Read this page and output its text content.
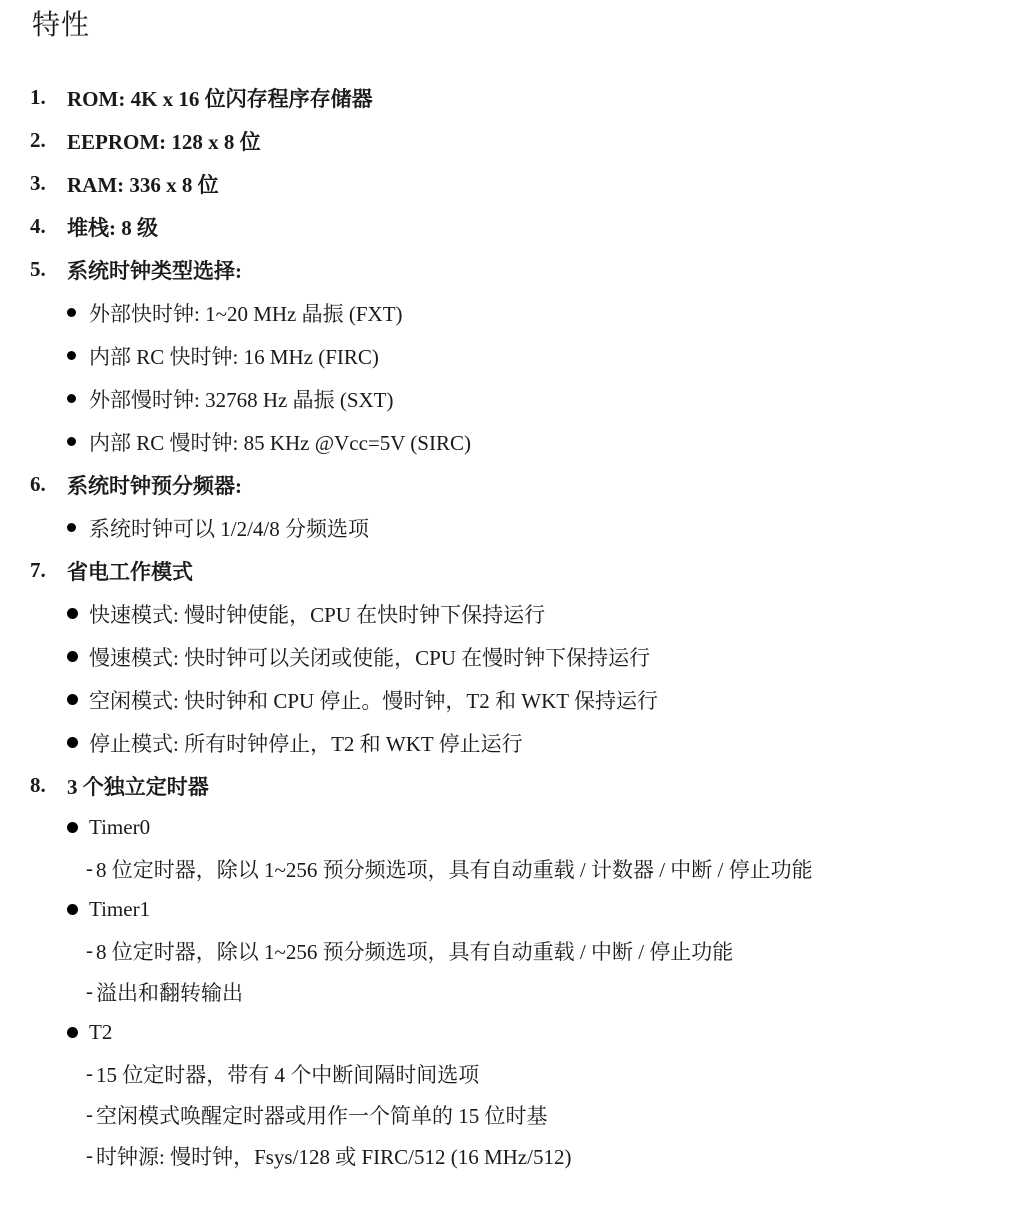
特性
1.	ROM: 4K x 16 位闪存程序存储器
2.	EEPROM: 128 x 8 位
3.	RAM: 336 x 8 位
4.	堆栈: 8 级
5.	系统时钟类型选择:
外部快时钟: 1~20 MHz 晶振 (FXT)
内部 RC 快时钟: 16 MHz (FIRC)
外部慢时钟: 32768 Hz 晶振 (SXT)
内部 RC 慢时钟: 85 KHz @Vcc=5V (SIRC)
6.	系统时钟预分频器:
系统时钟可以 1/2/4/8 分频选项
7.	省电工作模式
快速模式: 慢时钟使能，CPU 在快时钟下保持运行
慢速模式: 快时钟可以关闭或使能，CPU 在慢时钟下保持运行
空闲模式: 快时钟和 CPU 停止。慢时钟，T2 和 WKT 保持运行
停止模式: 所有时钟停止，T2 和 WKT 停止运行
8.	3 个独立定时器
Timer0
- 8 位定时器，除以 1~256 预分频选项，具有自动重载 / 计数器 / 中断 / 停止功能
Timer1
- 8 位定时器，除以 1~256 预分频选项，具有自动重载 / 中断 / 停止功能
- 溢出和翻转输出
T2
- 15 位定时器，带有 4 个中断间隔时间选项
- 空闲模式唤醒定时器或用作一个简单的 15 位时基
- 时钟源: 慢时钟，Fsys/128 或 FIRC/512 (16 MHz/512)
